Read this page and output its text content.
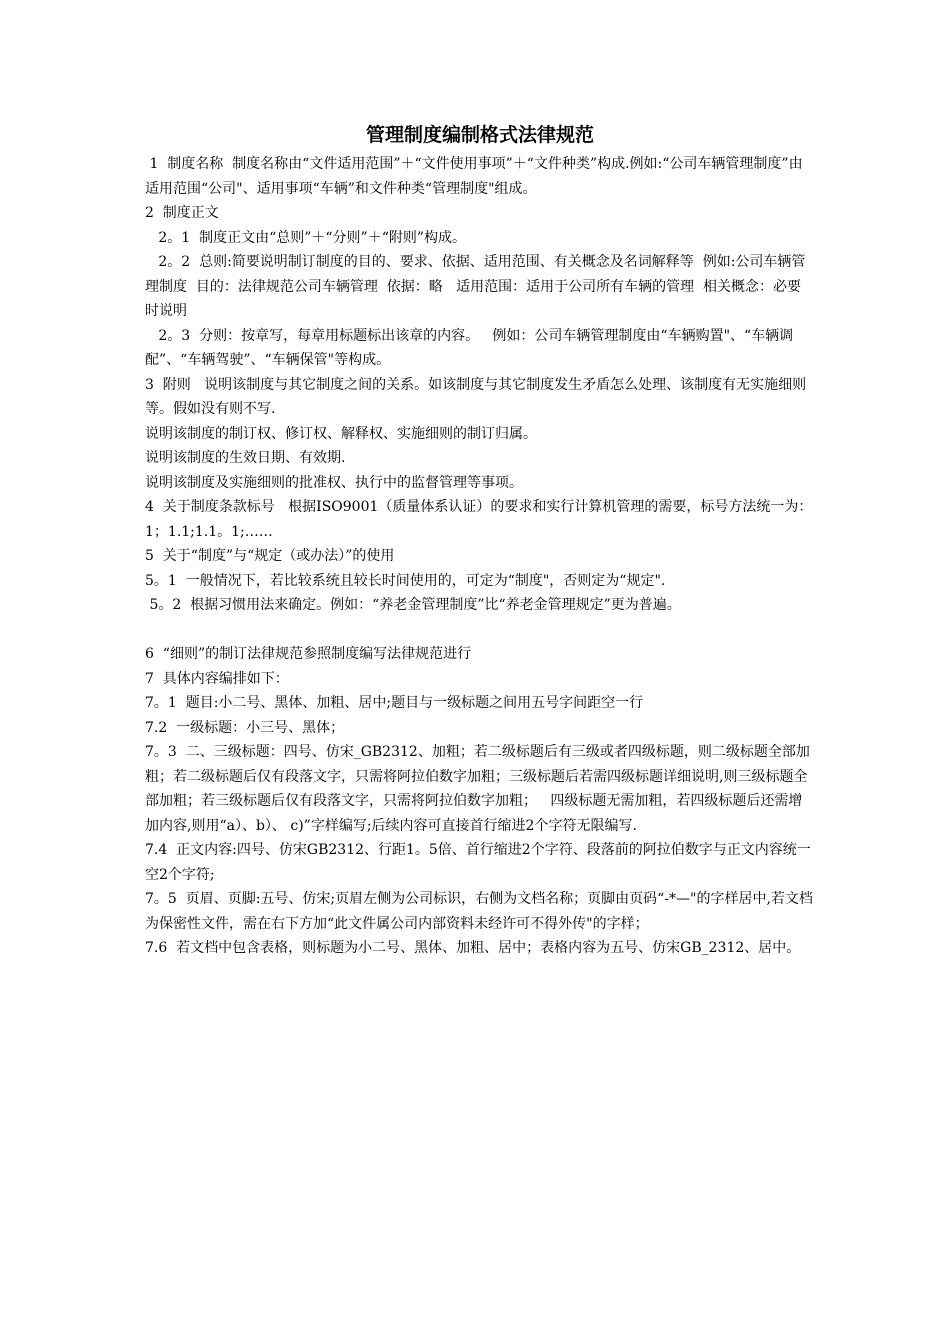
管理制度编制格式法律规范

1  制度名称  制度名称由“文件适用范围”＋“文件使用事项”＋“文件种类”构成.例如:“公司车辆管理制度”由适用范围“公司"、适用事项“车辆”和文件种类“管理制度"组成。

2  制度正文

2。1  制度正文由“总则”＋“分则”＋“附则”构成。

2。2  总则:简要说明制订制度的目的、要求、依据、适用范围、有关概念及名词解释等  例如:公司车辆管理制度  目的：法律规范公司车辆管理  依据：略   适用范围：适用于公司所有车辆的管理  相关概念：必要时说明

2。3  分则：按章写，每章用标题标出该章的内容。   例如：公司车辆管理制度由“车辆购置"、“车辆调配”、“车辆驾驶”、“车辆保管"等构成。

3  附则   说明该制度与其它制度之间的关系。如该制度与其它制度发生矛盾怎么处理、该制度有无实施细则等。假如没有则不写.

说明该制度的制订权、修订权、解释权、实施细则的制订归属。

说明该制度的生效日期、有效期.

说明该制度及实施细则的批准权、执行中的监督管理等事项。

4  关于制度条款标号   根据ISO9001（质量体系认证）的要求和实行计算机管理的需要，标号方法统一为：1；1.1;1.1。1;……

5  关于“制度”与“规定（或办法）”的使用

5。1  一般情况下，若比较系统且较长时间使用的，可定为“制度"，否则定为“规定".

5。2  根据习惯用法来确定。例如：“养老金管理制度”比“养老金管理规定”更为普遍。

6  “细则”的制订法律规范参照制度编写法律规范进行

7  具体内容编排如下：

7。1  题目:小二号、黑体、加粗、居中;题目与一级标题之间用五号字间距空一行

7.2  一级标题：小三号、黑体；

7。3  二、三级标题：四号、仿宋_GB2312、加粗；若二级标题后有三级或者四级标题，则二级标题全部加粗；若二级标题后仅有段落文字，只需将阿拉伯数字加粗；三级标题后若需四级标题详细说明,则三级标题全部加粗；若三级标题后仅有段落文字，只需将阿拉伯数字加粗；   四级标题无需加粗，若四级标题后还需增加内容,则用“a）、b）、 c)”字样编写;后续内容可直接首行缩进2个字符无限编写.

7.4  正文内容:四号、仿宋GB2312、行距1。5倍、首行缩进2个字符、段落前的阿拉伯数字与正文内容统一空2个字符;

7。5  页眉、页脚:五号、仿宋;页眉左侧为公司标识，右侧为文档名称；页脚由页码“-*—"的字样居中,若文档为保密性文件，需在右下方加“此文件属公司内部资料未经许可不得外传"的字样；

7.6  若文档中包含表格，则标题为小二号、黑体、加粗、居中；表格内容为五号、仿宋GB_2312、居中。
